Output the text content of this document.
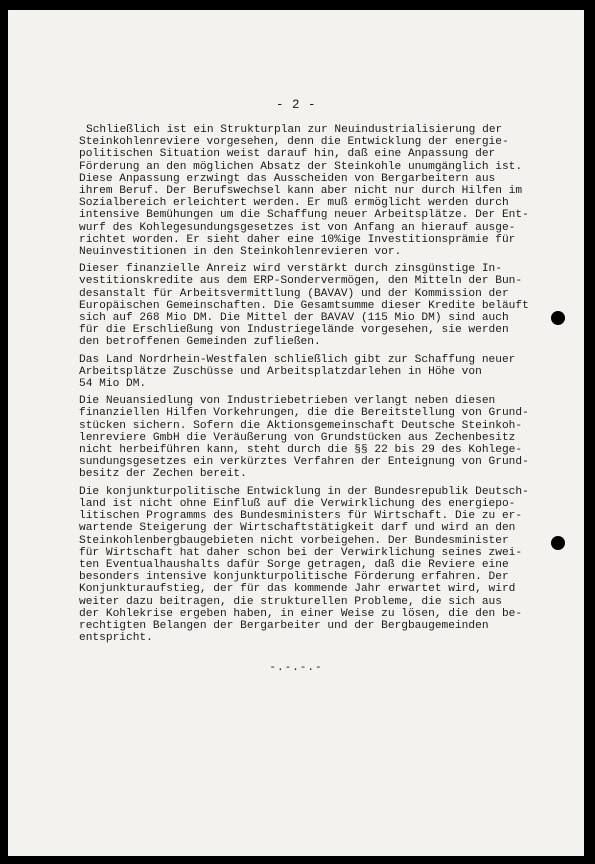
- 2 -
Schließlich ist ein Strukturplan zur Neuindustrialisierung der
Steinkohlenreviere vorgesehen, denn die Entwicklung der energie-
politischen Situation weist darauf hin, daß eine Anpassung der
Förderung an den möglichen Absatz der Steinkohle unumgänglich ist.
Diese Anpassung erzwingt das Ausscheiden von Bergarbeitern aus
ihrem Beruf. Der Berufswechsel kann aber nicht nur durch Hilfen im
Sozialbereich erleichtert werden. Er muß ermöglicht werden durch
intensive Bemühungen um die Schaffung neuer Arbeitsplätze. Der Ent-
wurf des Kohlegesundungsgesetzes ist von Anfang an hierauf ausge-
richtet worden. Er sieht daher eine 10%ige Investitionsprämie für
Neuinvestitionen in den Steinkohlenrevieren vor.
Dieser finanzielle Anreiz wird verstärkt durch zinsgünstige In-
vestitionskredite aus dem ERP-Sondervermögen, den Mitteln der Bun-
desanstalt für Arbeitsvermittlung (BAVAV) und der Kommission der
Europäischen Gemeinschaften. Die Gesamtsumme dieser Kredite beläuft
sich auf 268 Mio DM. Die Mittel der BAVAV (115 Mio DM) sind auch
für die Erschließung von Industriegelände vorgesehen, sie werden
den betroffenen Gemeinden zufließen.
Das Land Nordrhein-Westfalen schließlich gibt zur Schaffung neuer
Arbeitsplätze Zuschüsse und Arbeitsplatzdarlehen in Höhe von
54 Mio DM.
Die Neuansiedlung von Industriebetrieben verlangt neben diesen
finanziellen Hilfen Vorkehrungen, die die Bereitstellung von Grund-
stücken sichern. Sofern die Aktionsgemeinschaft Deutsche Steinkoh-
lenreviere GmbH die Veräußerung von Grundstücken aus Zechenbesitz
nicht herbeiführen kann, steht durch die §§ 22 bis 29 des Kohlege-
sundungsgesetzes ein verkürztes Verfahren der Enteignung von Grund-
besitz der Zechen bereit.
Die konjunkturpolitische Entwicklung in der Bundesrepublik Deutsch-
land ist nicht ohne Einfluß auf die Verwirklichung des energiepo-
litischen Programms des Bundesministers für Wirtschaft. Die zu er-
wartende Steigerung der Wirtschaftstätigkeit darf und wird an den
Steinkohlenbergbaugebieten nicht vorbeigehen. Der Bundesminister
für Wirtschaft hat daher schon bei der Verwirklichung seines zwei-
ten Eventualhaushalts dafür Sorge getragen, daß die Reviere eine
besonders intensive konjunkturpolitische Förderung erfahren. Der
Konjunkturaufstieg, der für das kommende Jahr erwartet wird, wird
weiter dazu beitragen, die strukturellen Probleme, die sich aus
der Kohlekrise ergeben haben, in einer Weise zu lösen, die den be-
rechtigten Belangen der Bergarbeiter und der Bergbaugemeinden
entspricht.
-.-.-.-
